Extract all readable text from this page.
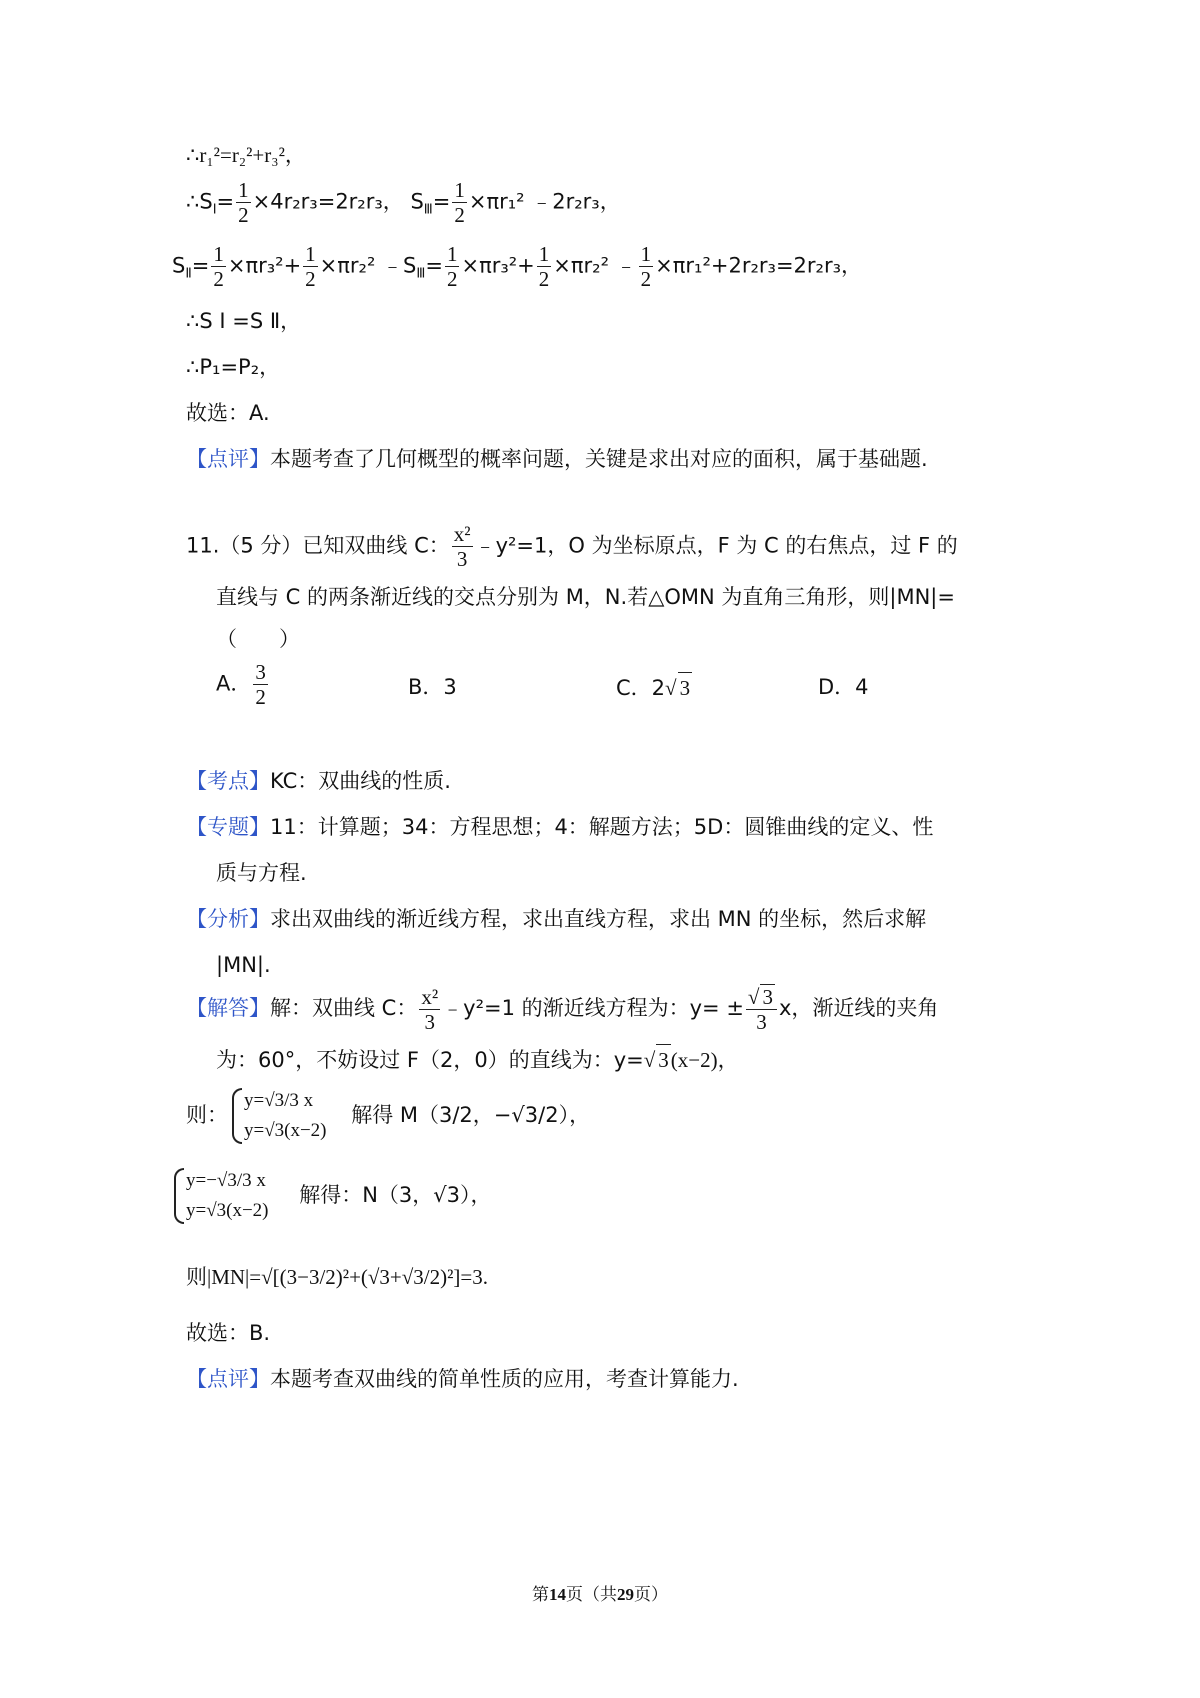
∴r₁²=r₂²+r₃²，
$\therefore S_Ⅰ= \frac{1}{2} \times 4r_2r_3=2r_2r_3$， $S_Ⅲ= \frac{1}{2} \times\pi r_1^2$ ﹣2r₂r₃，
$S_Ⅱ= \frac{1}{2} \times\pi r_3^2+ \frac{1}{2} \times\pi r_2^2$ $﹣S_Ⅲ= \frac{1}{2} \times\pi r_3^2+ \frac{1}{2} \times\pi r_2^2$ ﹣ $\frac{1}{2} \times\pi r_1^2+2r_2r_3=2r_2r_3$，
∴S Ⅰ =S Ⅱ，
∴P₁=P₂，
故选：A.
【点评】本题考查了几何概型的概率问题，关键是求出对应的面积，属于基础题.
11.（5 分）已知双曲线 C： $\frac{\text{x²}}{3}$ ﹣y²=1，O 为坐标原点，F 为 C 的右焦点，过 F 的
直线与 C 的两条渐近线的交点分别为 M，N.若△OMN 为直角三角形，则|MN|=
（　　）
A． $\frac{3}{2}$	B．3	C．2√ 3	D．4
【考点】KC：双曲线的性质.
【专题】11：计算题；34：方程思想；4：解题方法；5D：圆锥曲线的定义、性
质与方程.
【分析】求出双曲线的渐近线方程，求出直线方程，求出 MN 的坐标，然后求解
|MN|.
【解答】解：双曲线 C： $\frac{\text{x²}}{3}$ ﹣y²=1 的渐近线方程为：$y= \pm \frac{√ 3}{3}$ x，渐近线的夹角
为：60°，不妨设过 F（2，0）的直线为：y=√ 3(x−2)，
则：
y=√3/3 x
y=√3(x−2)
解得 M（3/2，−√3/2），
y=−√3/3 x
y=√3(x−2)
解得：N（3，√3），
则|MN|=√[(3−3/2)²+(√3+√3/2)²]=3.
故选：B.
【点评】本题考查双曲线的简单性质的应用，考查计算能力.
第14页（共29页）
